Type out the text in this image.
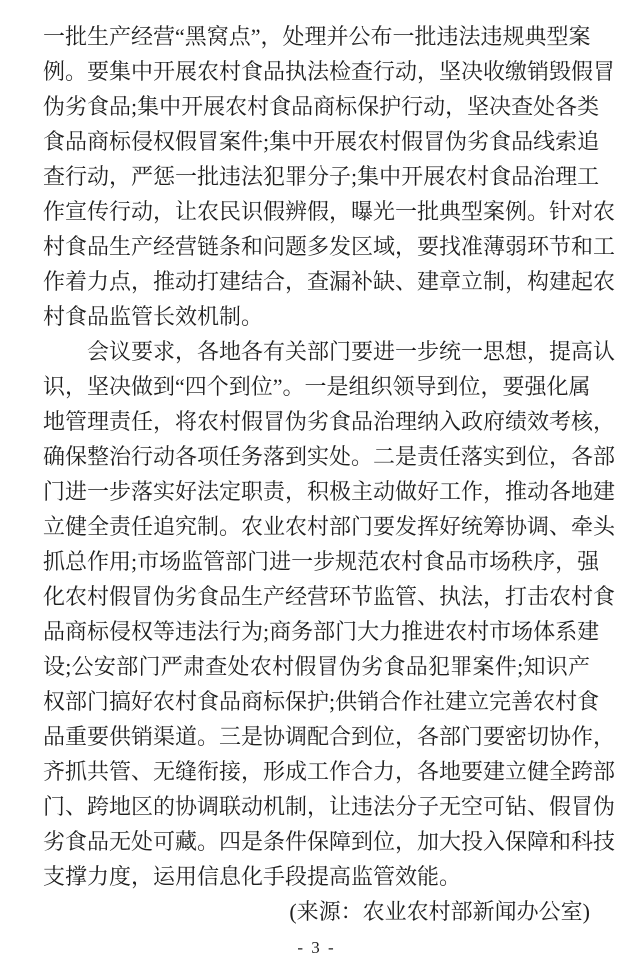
一批生产经营“黑窝点”，处理并公布一批违法违规典型案
例。要集中开展农村食品执法检查行动，坚决收缴销毁假冒
伪劣食品;集中开展农村食品商标保护行动，坚决查处各类
食品商标侵权假冒案件;集中开展农村假冒伪劣食品线索追
查行动，严惩一批违法犯罪分子;集中开展农村食品治理工
作宣传行动，让农民识假辨假，曝光一批典型案例。针对农
村食品生产经营链条和问题多发区域，要找准薄弱环节和工
作着力点，推动打建结合，查漏补缺、建章立制，构建起农
村食品监管长效机制。
　　会议要求，各地各有关部门要进一步统一思想，提高认
识，坚决做到“四个到位”。一是组织领导到位，要强化属
地管理责任，将农村假冒伪劣食品治理纳入政府绩效考核，
确保整治行动各项任务落到实处。二是责任落实到位，各部
门进一步落实好法定职责，积极主动做好工作，推动各地建
立健全责任追究制。农业农村部门要发挥好统筹协调、牵头
抓总作用;市场监管部门进一步规范农村食品市场秩序，强
化农村假冒伪劣食品生产经营环节监管、执法，打击农村食
品商标侵权等违法行为;商务部门大力推进农村市场体系建
设;公安部门严肃查处农村假冒伪劣食品犯罪案件;知识产
权部门搞好农村食品商标保护;供销合作社建立完善农村食
品重要供销渠道。三是协调配合到位，各部门要密切协作，
齐抓共管、无缝衔接，形成工作合力，各地要建立健全跨部
门、跨地区的协调联动机制，让违法分子无空可钻、假冒伪
劣食品无处可藏。四是条件保障到位，加大投入保障和科技
支撑力度，运用信息化手段提高监管效能。
(来源：农业农村部新闻办公室)
- 3 -
